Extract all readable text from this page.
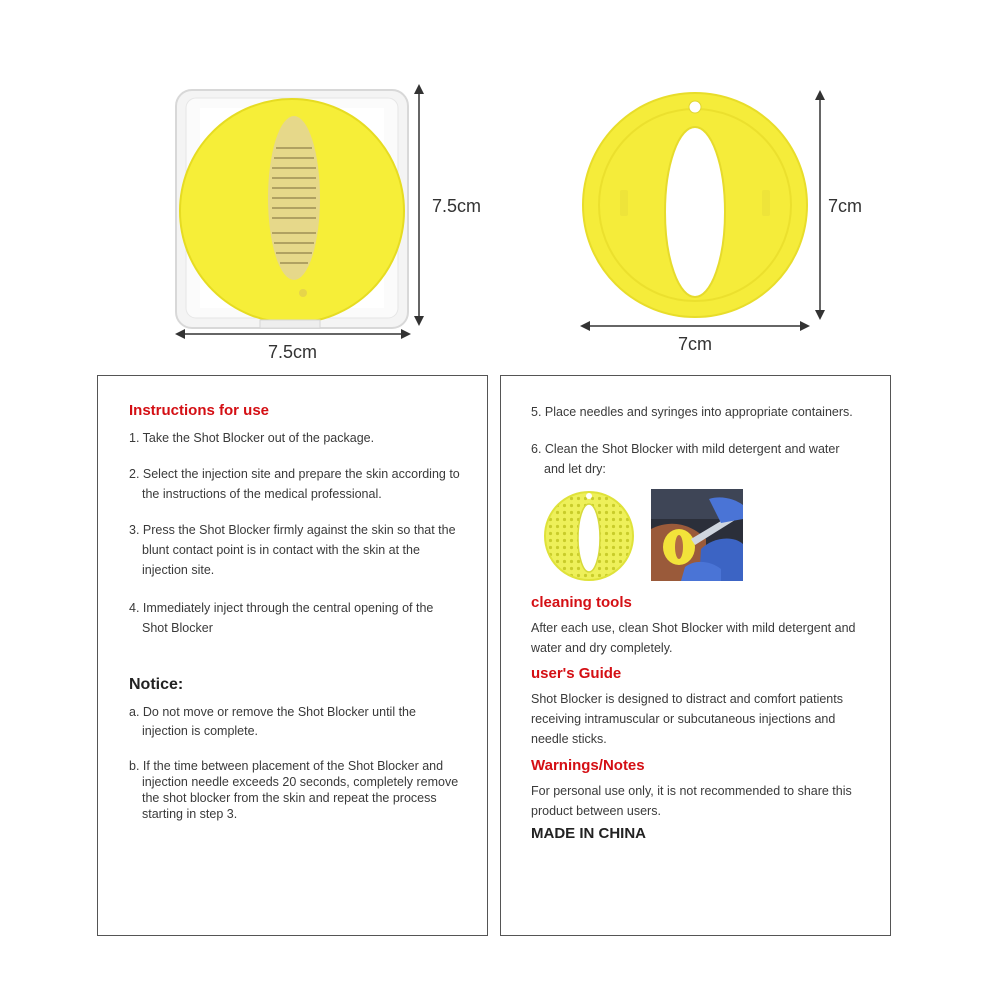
7.5cm
7.5cm
7cm
7cm
Instructions for use
1. Take the Shot Blocker out of the package.
2. Select the injection site and prepare the skin according to
the instructions of the medical professional.
3. Press the Shot Blocker firmly against the skin so that the
blunt contact point is in contact with the skin at the
injection site.
4. Immediately inject through the central opening of the
Shot Blocker
Notice:
a. Do not move or remove the Shot Blocker until the
injection is complete.
b. If the time between placement of the Shot Blocker and
injection needle exceeds 20 seconds, completely remove
the shot blocker from the skin and repeat the process
starting in step 3.
5. Place needles and syringes into appropriate containers.
6. Clean the Shot Blocker with mild detergent and water
and let dry:
cleaning tools
After each use, clean Shot Blocker with mild detergent and
water and dry completely.
user's Guide
Shot Blocker is designed to distract and comfort patients
receiving intramuscular or subcutaneous injections and
needle sticks.
Warnings/Notes
For personal use only, it is not recommended to share this
product between users.
MADE IN CHINA
